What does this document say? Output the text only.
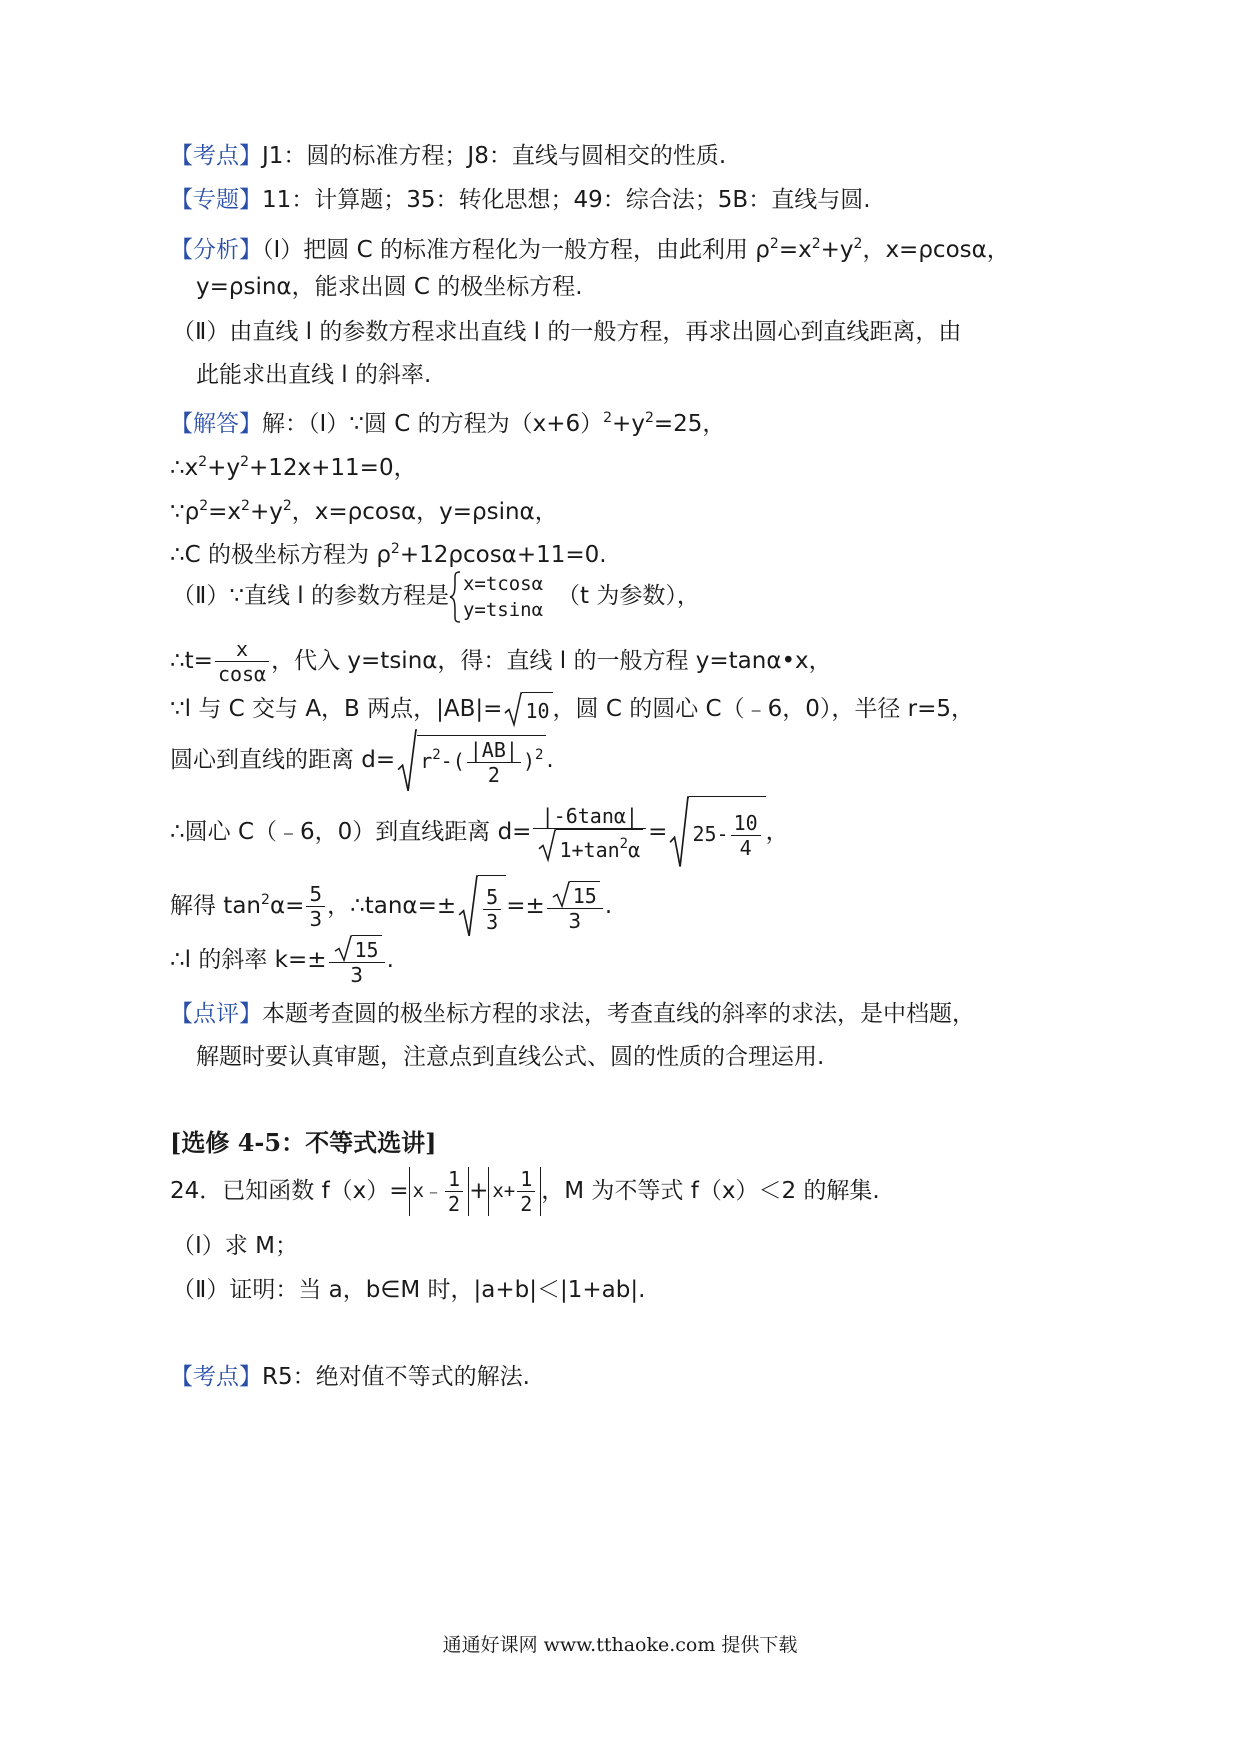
【考点】J1：圆的标准方程；J8：直线与圆相交的性质.
【专题】11：计算题；35：转化思想；49：综合法；5B：直线与圆.
【分析】（Ⅰ）把圆 C 的标准方程化为一般方程，由此利用 $\rho^2=x^2+y^2$，x=ρcosα，
y=ρsinα，能求出圆 C 的极坐标方程.
（Ⅱ）由直线 l 的参数方程求出直线 l 的一般方程，再求出圆心到直线距离，由
此能求出直线 l 的斜率.
【解答】解：（Ⅰ）∵圆 C 的方程为$(x+6)^2+y^2=25$，
$\therefore x^2+y^2+12x+11=0$，
$\because\rho^2=x^2+y^2$，x=ρcosα，y=ρsinα，
∴C 的极坐标方程为 $\rho^2+12\rho\cos\alpha+11=0$.
（Ⅱ）∵直线 l 的参数方程是 x=tcosα
y=tsinα
（t 为参数），
∴t= $\frac{x}{\cos\alpha}$ ，代入 y=tsinα，得：直线 l 的一般方程 y=tanα•x，
∵l 与 C 交与 A，B 两点，|AB|= 10 ，圆 C 的圆心 C（﹣6，0），半径 r=5，
圆心到直线的距离 $d= r^2-( \frac{|AB|}{2} )^2$ .
∴圆心 C（﹣6，0）到直线距离 $d= \frac{|-6\tan\alpha|}{1+\tan^2\alpha} = 25- \frac{10}{4}$ ，
解得 $\tan^2\alpha= \frac{5}{3}$ ，∴tanα=± $\frac{5}{3} =\pm \frac{15}{3}$ .
∴l 的斜率 $k=\pm \frac{15}{3}$ .
【点评】本题考查圆的极坐标方程的求法，考查直线的斜率的求法，是中档题，
解题时要认真审题，注意点到直线公式、圆的性质的合理运用.
[选修 4-5：不等式选讲]
24．已知函数 f（x）= x﹣ $\frac{1}{2} + x+ \frac{1}{2}$ ，M 为不等式 f（x）＜2 的解集.
（Ⅰ）求 M；
（Ⅱ）证明：当 a，b∈M 时，|a+b|＜|1+ab|.
【考点】R5：绝对值不等式的解法.
通通好课网 www.tthaoke.com 提供下载
